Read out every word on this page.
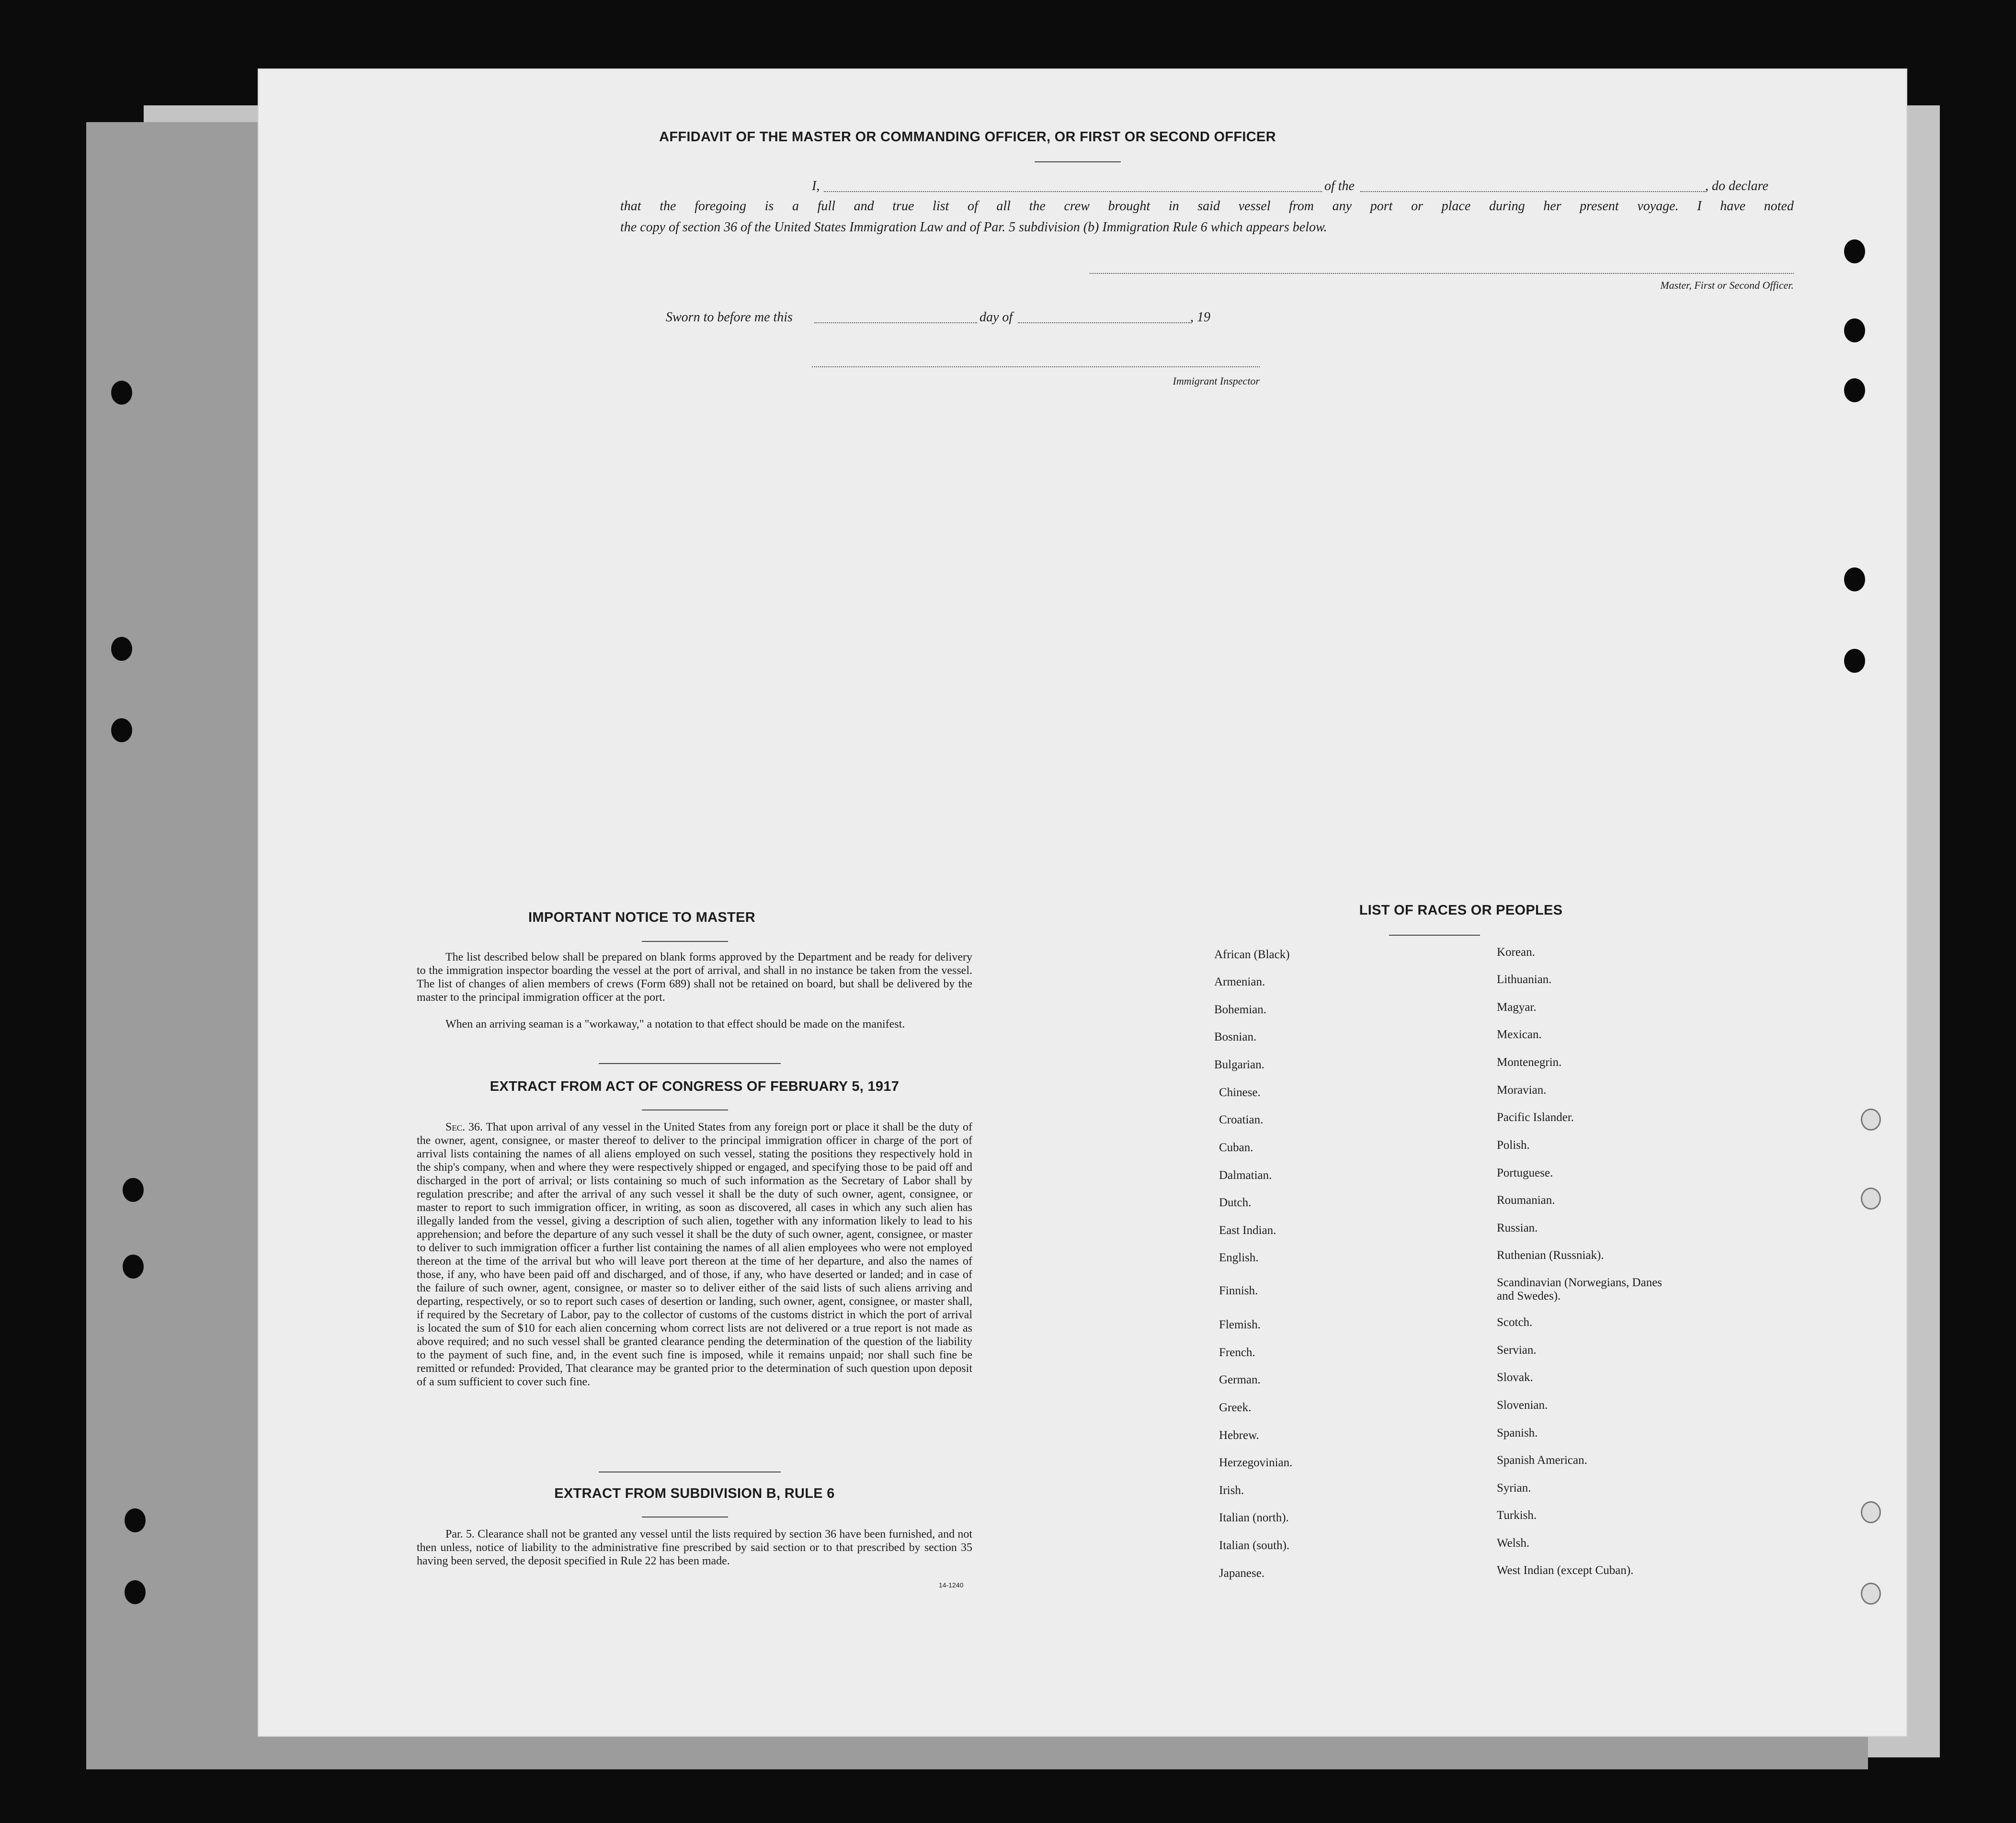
AFFIDAVIT OF THE MASTER OR COMMANDING OFFICER, OR FIRST OR SECOND OFFICER
I,	of the	, do declare
that the foregoing is a full and true list of all the crew brought in said vessel from any port or place during her present voyage. I have noted
the copy of section 36 of the United States Immigration Law and of Par. 5 subdivision (b) Immigration Rule 6 which appears below.
Master, First or Second Officer.
Sworn to before me this	day of	, 19
Immigrant Inspector
IMPORTANT NOTICE TO MASTER
The list described below shall be prepared on blank forms approved by the Department and be ready for delivery to the immigration inspector boarding the vessel at the port of arrival, and shall in no instance be taken from the vessel. The list of changes of alien members of crews (Form 689) shall not be retained on board, but shall be delivered by the master to the principal immigration officer at the port.
When an arriving seaman is a "workaway," a notation to that effect should be made on the manifest.
EXTRACT FROM ACT OF CONGRESS OF FEBRUARY 5, 1917
Sec. 36. That upon arrival of any vessel in the United States from any foreign port or place it shall be the duty of the owner, agent, consignee, or master thereof to deliver to the principal immigration officer in charge of the port of arrival lists containing the names of all aliens employed on such vessel, stating the positions they respectively hold in the ship's company, when and where they were respectively shipped or engaged, and specifying those to be paid off and discharged in the port of arrival; or lists containing so much of such information as the Secretary of Labor shall by regulation prescribe; and after the arrival of any such vessel it shall be the duty of such owner, agent, consignee, or master to report to such immigration officer, in writing, as soon as discovered, all cases in which any such alien has illegally landed from the vessel, giving a description of such alien, together with any information likely to lead to his apprehension; and before the departure of any such vessel it shall be the duty of such owner, agent, consignee, or master to deliver to such immigration officer a further list containing the names of all alien employees who were not employed thereon at the time of the arrival but who will leave port thereon at the time of her departure, and also the names of those, if any, who have been paid off and discharged, and of those, if any, who have deserted or landed; and in case of the failure of such owner, agent, consignee, or master so to deliver either of the said lists of such aliens arriving and departing, respectively, or so to report such cases of desertion or landing, such owner, agent, consignee, or master shall, if required by the Secretary of Labor, pay to the collector of customs of the customs district in which the port of arrival is located the sum of $10 for each alien concerning whom correct lists are not delivered or a true report is not made as above required; and no such vessel shall be granted clearance pending the determination of the question of the liability to the payment of such fine, and, in the event such fine is imposed, while it remains unpaid; nor shall such fine be remitted or refunded: Provided, That clearance may be granted prior to the determination of such question upon deposit of a sum sufficient to cover such fine.
EXTRACT FROM SUBDIVISION B, RULE 6
Par. 5. Clearance shall not be granted any vessel until the lists required by section 36 have been furnished, and not then unless, notice of liability to the administrative fine prescribed by said section or to that prescribed by section 35 having been served, the deposit specified in Rule 22 has been made.
14-1240
LIST OF RACES OR PEOPLES
African (Black)
Armenian.
Bohemian.
Bosnian.
Bulgarian.
Chinese.
Croatian.
Cuban.
Dalmatian.
Dutch.
East Indian.
English.
Finnish.
Flemish.
French.
German.
Greek.
Hebrew.
Herzegovinian.
Irish.
Italian (north).
Italian (south).
Japanese.
Korean.
Lithuanian.
Magyar.
Mexican.
Montenegrin.
Moravian.
Pacific Islander.
Polish.
Portuguese.
Roumanian.
Russian.
Ruthenian (Russniak).
Scandinavian (Norwegians, Danes and Swedes).
Scotch.
Servian.
Slovak.
Slovenian.
Spanish.
Spanish American.
Syrian.
Turkish.
Welsh.
West Indian (except Cuban).
